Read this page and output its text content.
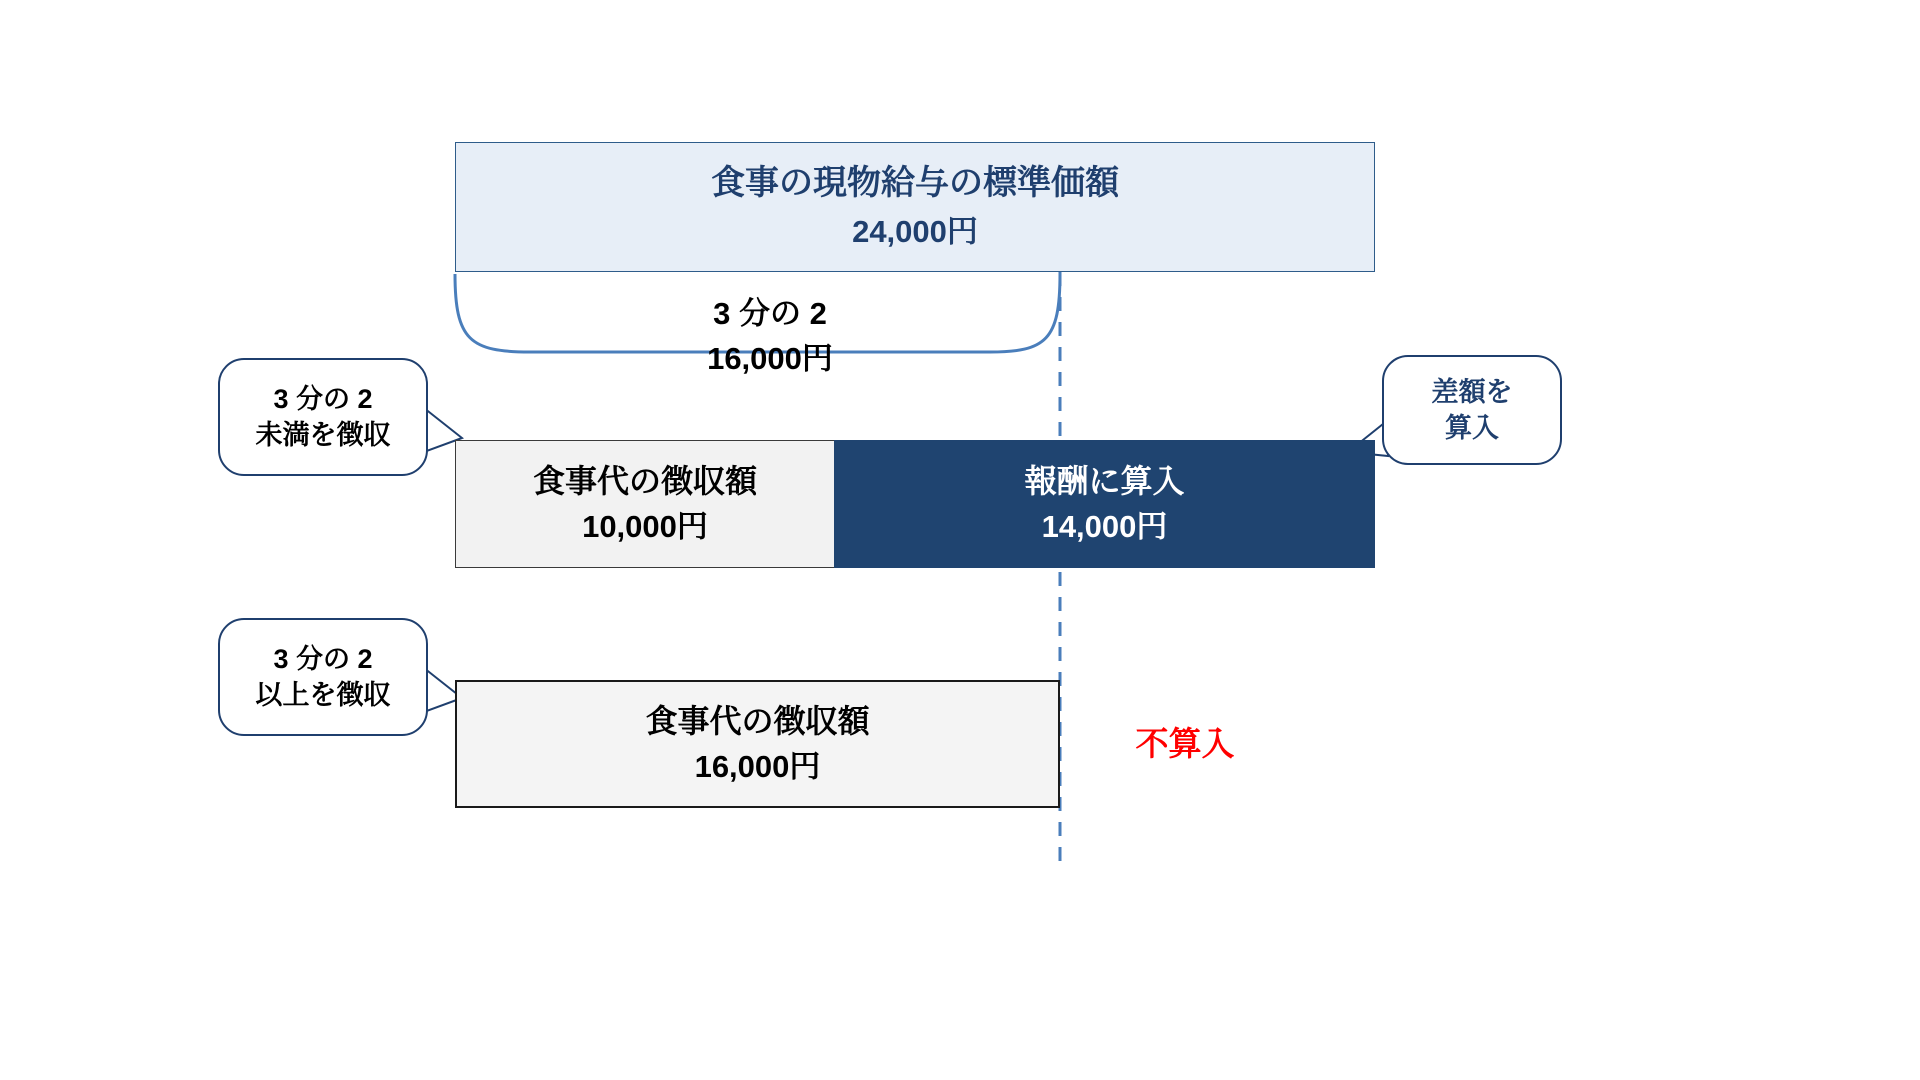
食事の現物給与の標準価額
24,000円
3 分の 2
16,000円
食事代の徴収額
10,000円
報酬に算入
14,000円
食事代の徴収額
16,000円
不算入
3 分の 2
未満を徴収
3 分の 2
以上を徴収
差額を
算入
